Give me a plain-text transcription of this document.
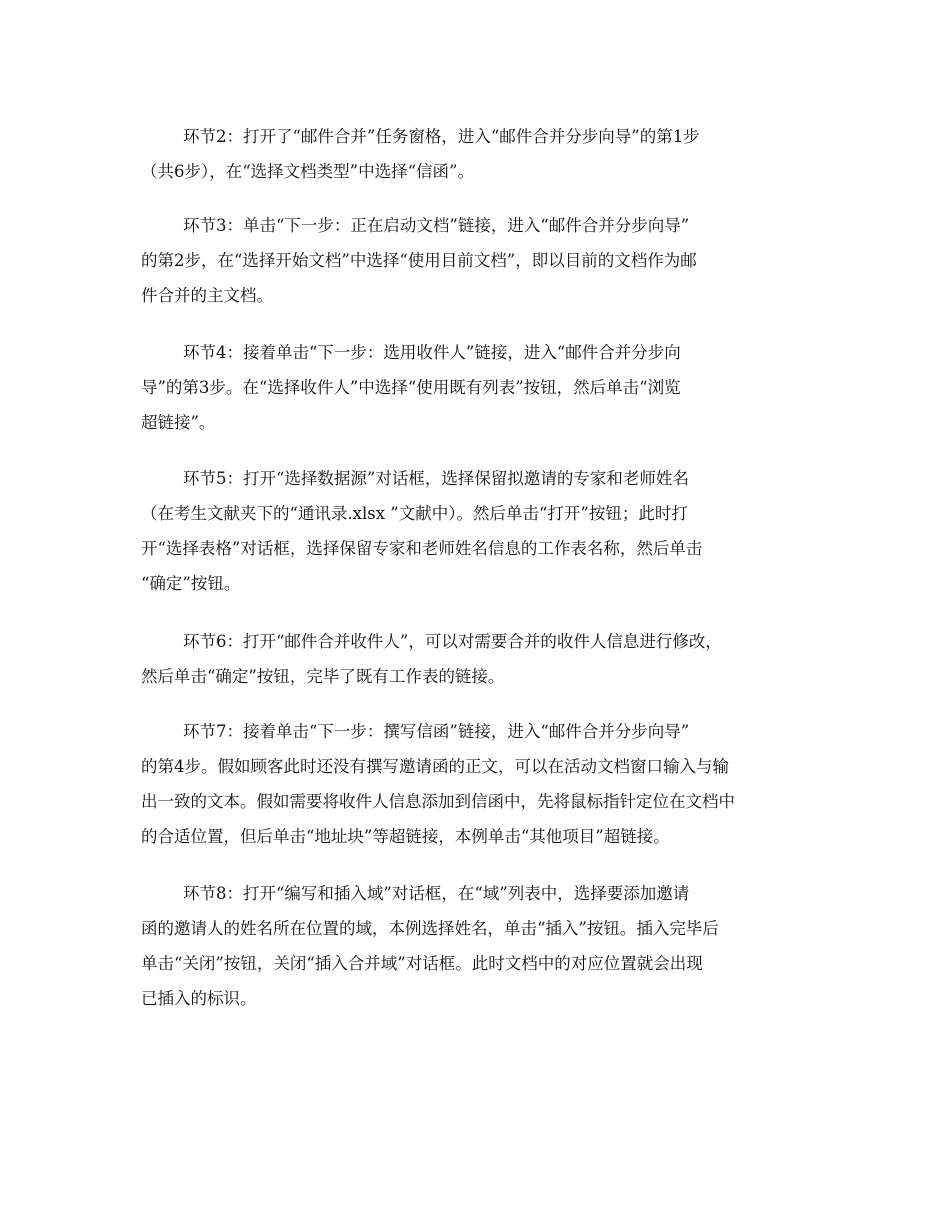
环节2：打开了“邮件合并”任务窗格，进入“邮件合并分步向导”的第1步
（共6步），在“选择文档类型”中选择“信函”。

环节3：单击“下一步：正在启动文档”链接，进入“邮件合并分步向导”
的第2步，在“选择开始文档”中选择“使用目前文档”，即以目前的文档作为邮
件合并的主文档。

环节4：接着单击“下一步：选用收件人”链接，进入“邮件合并分步向
导”的第3步。在“选择收件人”中选择“使用既有列表”按钮，然后单击“浏览
超链接”。

环节5：打开“选择数据源”对话框，选择保留拟邀请的专家和老师姓名
（在考生文献夹下的“通讯录.xlsx ”文献中）。然后单击“打开”按钮；此时打
开“选择表格”对话框，选择保留专家和老师姓名信息的工作表名称，然后单击
“确定”按钮。

环节6：打开“邮件合并收件人”，可以对需要合并的收件人信息进行修改，
然后单击“确定”按钮，完毕了既有工作表的链接。

环节7：接着单击“下一步：撰写信函”链接，进入“邮件合并分步向导”
的第4步。假如顾客此时还没有撰写邀请函的正文，可以在活动文档窗口输入与输
出一致的文本。假如需要将收件人信息添加到信函中，先将鼠标指针定位在文档中
的合适位置，但后单击“地址块”等超链接，本例单击“其他项目”超链接。

环节8：打开“编写和插入域”对话框，在“域”列表中，选择要添加邀请
函的邀请人的姓名所在位置的域，本例选择姓名，单击“插入”按钮。插入完毕后
单击“关闭”按钮，关闭“插入合并域”对话框。此时文档中的对应位置就会出现
已插入的标识。
